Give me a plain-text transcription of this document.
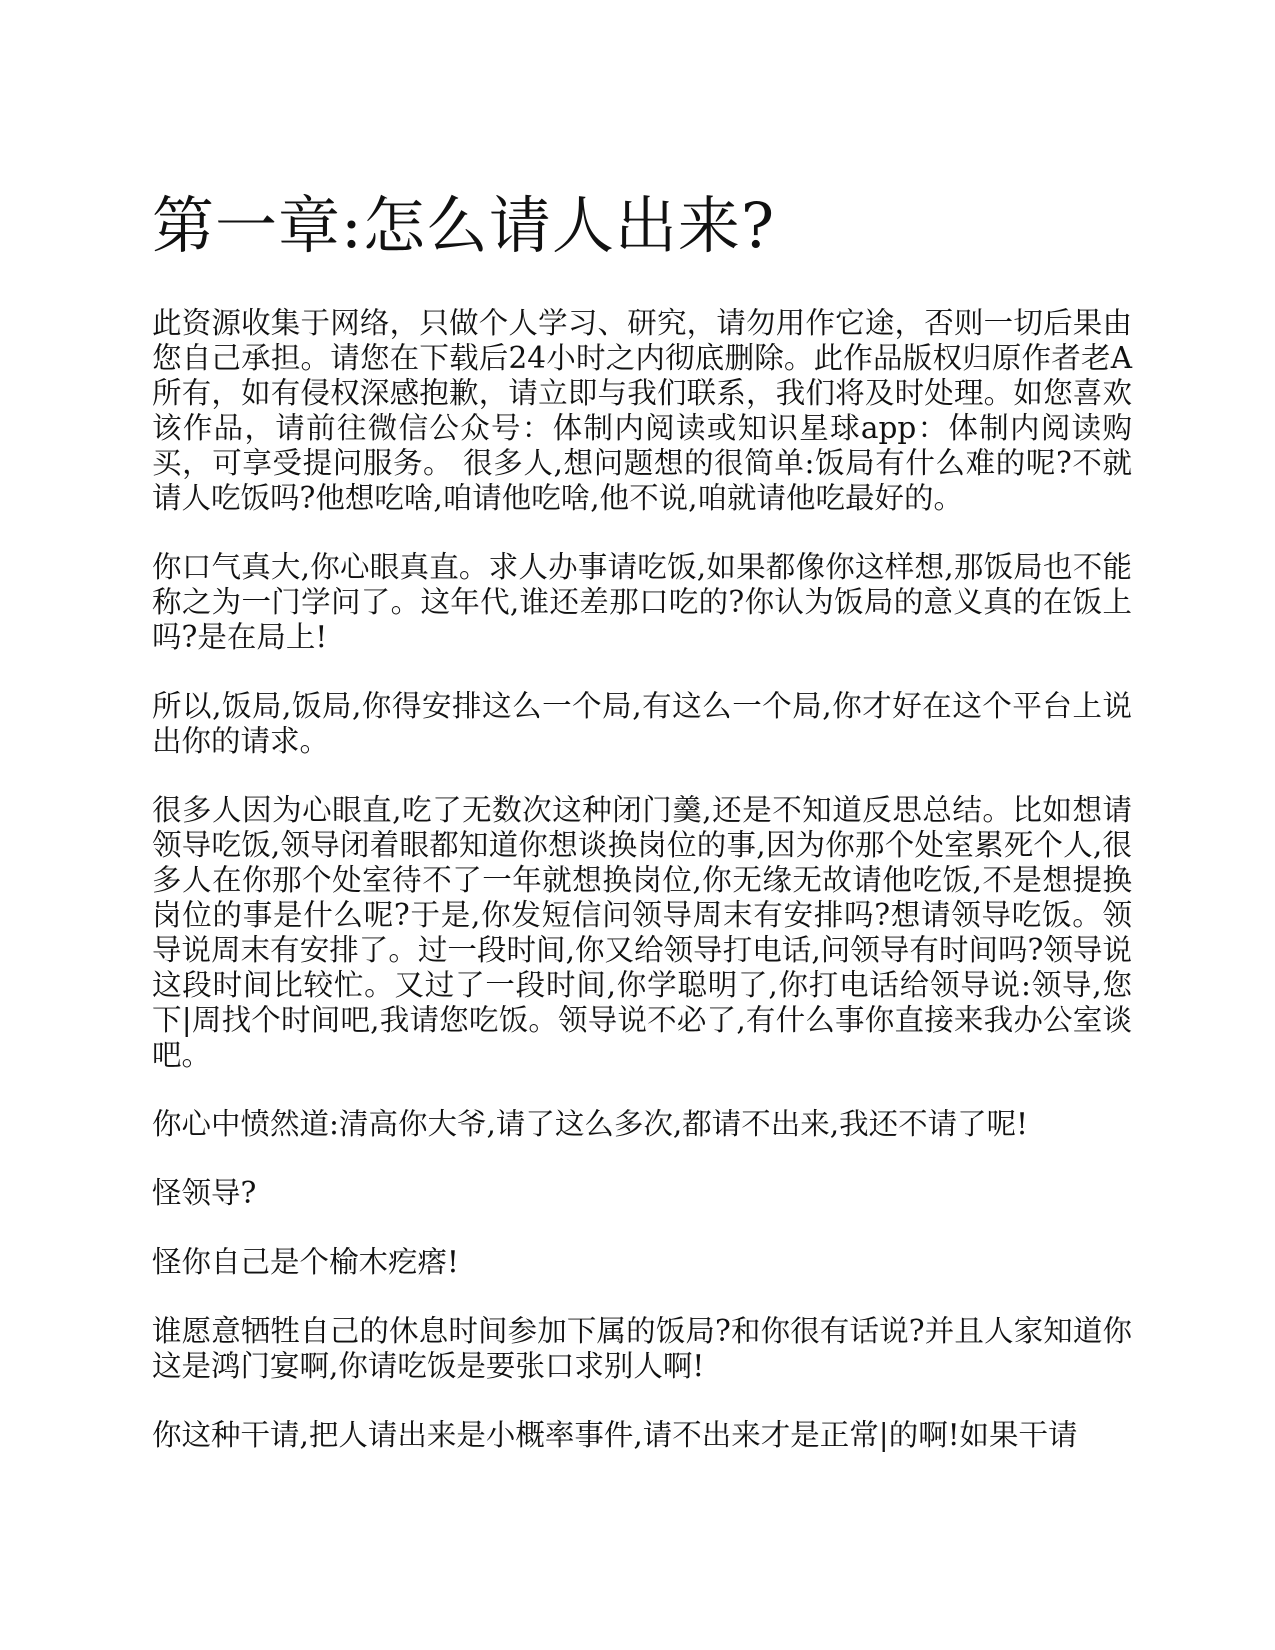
第一章:怎么请人出来?

此资源收集于网络，只做个人学习、研究，请勿用作它途，否则一切后果由您自己承担。请您在下载后24小时之内彻底删除。此作品版权归原作者老A所有，如有侵权深感抱歉，请立即与我们联系，我们将及时处理。如您喜欢该作品，请前往微信公众号：体制内阅读或知识星球app：体制内阅读购买，可享受提问服务。 很多人,想问题想的很简单:饭局有什么难的呢?不就请人吃饭吗?他想吃啥,咱请他吃啥,他不说,咱就请他吃最好的。

你口气真大,你心眼真直。求人办事请吃饭,如果都像你这样想,那饭局也不能称之为一门学问了。这年代,谁还差那口吃的?你认为饭局的意义真的在饭上吗?是在局上!

所以,饭局,饭局,你得安排这么一个局,有这么一个局,你才好在这个平台上说出你的请求。

很多人因为心眼直,吃了无数次这种闭门羹,还是不知道反思总结。比如想请领导吃饭,领导闭着眼都知道你想谈换岗位的事,因为你那个处室累死个人,很多人在你那个处室待不了一年就想换岗位,你无缘无故请他吃饭,不是想提换岗位的事是什么呢?于是,你发短信问领导周末有安排吗?想请领导吃饭。领导说周末有安排了。过一段时间,你又给领导打电话,问领导有时间吗?领导说这段时间比较忙。又过了一段时间,你学聪明了,你打电话给领导说:领导,您下|周找个时间吧,我请您吃饭。领导说不必了,有什么事你直接来我办公室谈吧。

你心中愤然道:清高你大爷,请了这么多次,都请不出来,我还不请了呢!

怪领导?

怪你自己是个榆木疙瘩!

谁愿意牺牲自己的休息时间参加下属的饭局?和你很有话说?并且人家知道你这是鸿门宴啊,你请吃饭是要张口求别人啊!

你这种干请,把人请出来是小概率事件,请不出来才是正常|的啊!如果干请
